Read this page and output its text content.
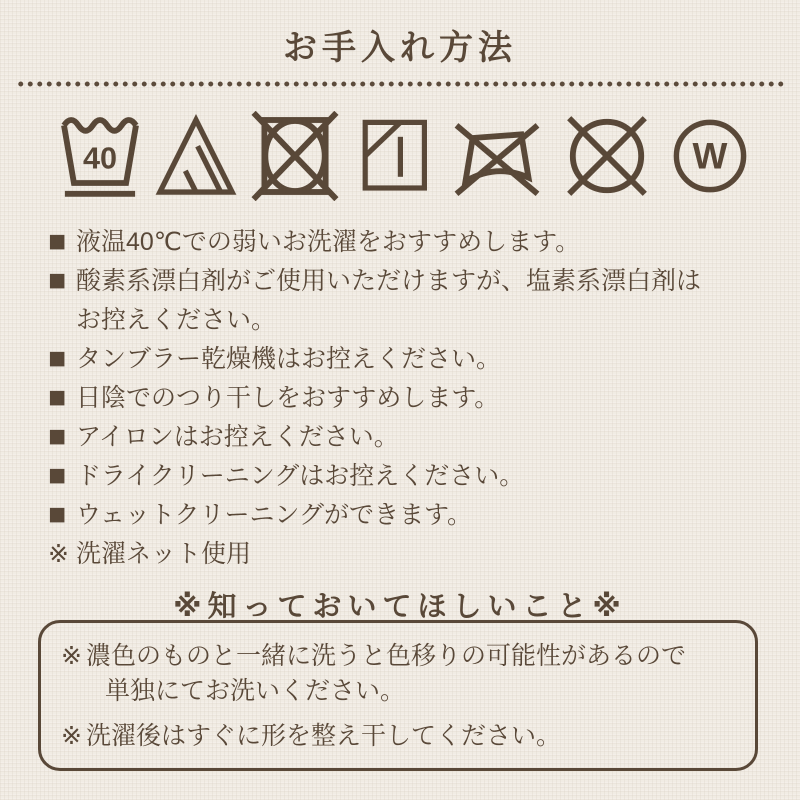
お手入れ方法
40	W
■ 液温40℃での弱いお洗濯をおすすめします。
■ 酸素系漂白剤がご使用いただけますが、塩素系漂白剤は
お控えください。
■ タンブラー乾燥機はお控えください。
■ 日陰でのつり干しをおすすめします。
■ アイロンはお控えください。
■ ドライクリーニングはお控えください。
■ ウェットクリーニングができます。
※ 洗濯ネット使用
※知っておいてほしいこと※
※ 濃色のものと一緒に洗うと色移りの可能性があるので
単独にてお洗いください。
※ 洗濯後はすぐに形を整え干してください。
